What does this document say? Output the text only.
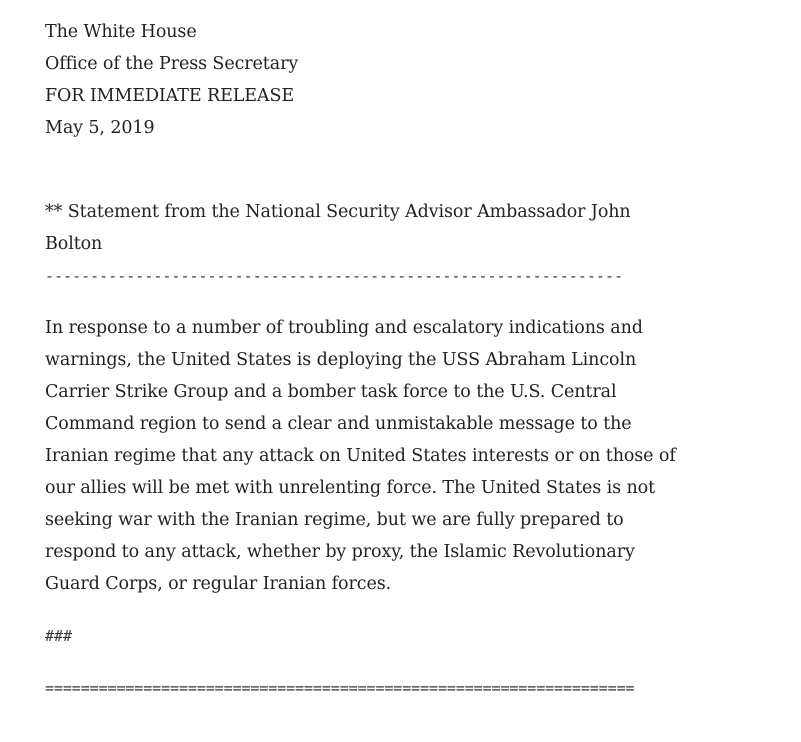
The White House

Office of the Press Secretary

FOR IMMEDIATE RELEASE

May 5, 2019

** Statement from the National Security Advisor Ambassador John Bolton

----------------------------------------------------------------

In response to a number of troubling and escalatory indications and warnings, the United States is deploying the USS Abraham Lincoln Carrier Strike Group and a bomber task force to the U.S. Central Command region to send a clear and unmistakable message to the Iranian regime that any attack on United States interests or on those of our allies will be met with unrelenting force. The United States is not seeking war with the Iranian regime, but we are fully prepared to respond to any attack, whether by proxy, the Islamic Revolutionary Guard Corps, or regular Iranian forces.

###

==================================================================
